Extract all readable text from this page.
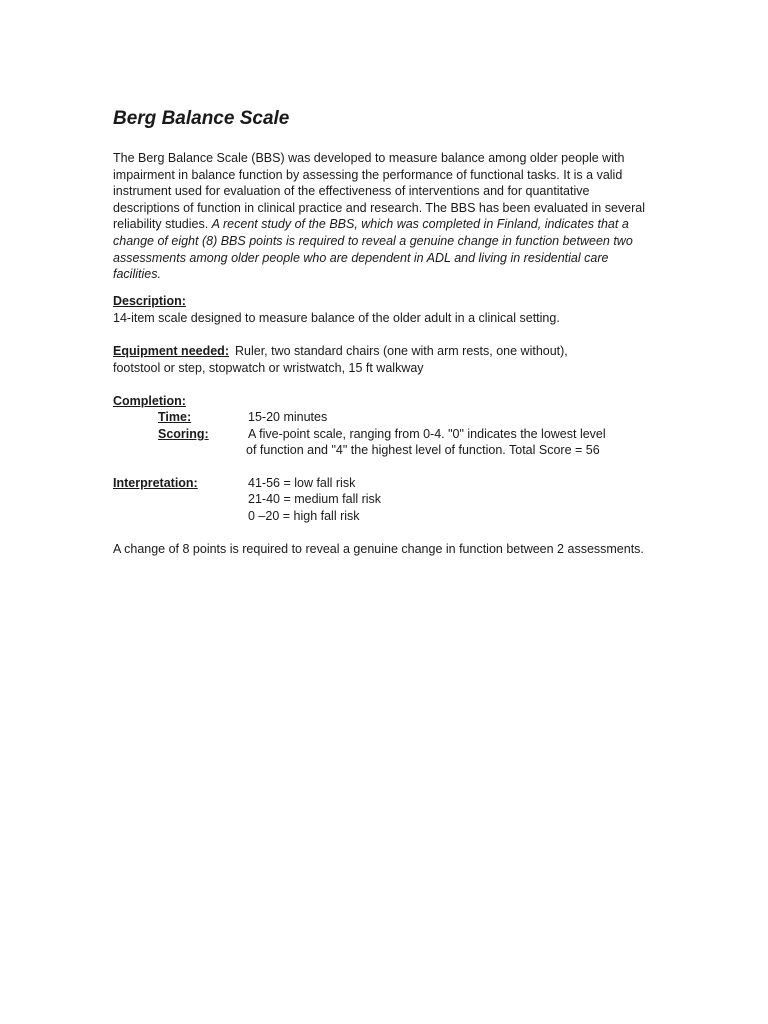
Berg Balance Scale
The Berg Balance Scale (BBS) was developed to measure balance among older people with impairment in balance function by assessing the performance of functional tasks. It is a valid instrument used for evaluation of the effectiveness of interventions and for quantitative descriptions of function in clinical practice and research. The BBS has been evaluated in several reliability studies. A recent study of the BBS, which was completed in Finland, indicates that a change of eight (8) BBS points is required to reveal a genuine change in function between two assessments among older people who are dependent in ADL and living in residential care facilities.
Description:
14-item scale designed to measure balance of the older adult in a clinical setting.
Equipment needed: Ruler, two standard chairs (one with arm rests, one without),
footstool or step, stopwatch or wristwatch, 15 ft walkway
Completion:
Time:	15-20 minutes
Scoring:	A five-point scale, ranging from 0-4. "0" indicates the lowest level
of function and "4" the highest level of function. Total Score = 56
Interpretation:	41-56 = low fall risk
21-40 = medium fall risk
0 –20 = high fall risk
A change of 8 points is required to reveal a genuine change in function between 2 assessments.
